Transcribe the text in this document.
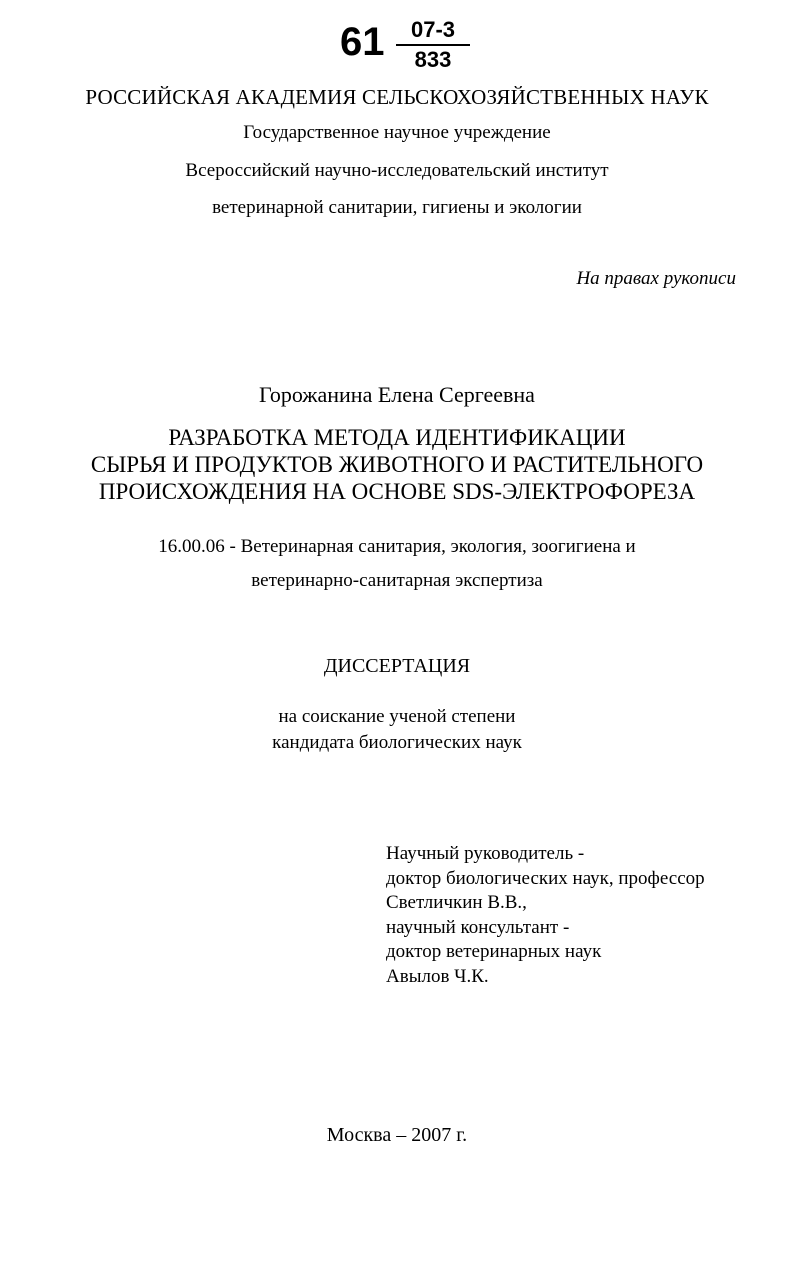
61	07-3
833
РОССИЙСКАЯ АКАДЕМИЯ СЕЛЬСКОХОЗЯЙСТВЕННЫХ НАУК
Государственное научное учреждение
Всероссийский научно-исследовательский институт
ветеринарной санитарии, гигиены и экологии
На правах рукописи
Горожанина Елена Сергеевна
РАЗРАБОТКА МЕТОДА ИДЕНТИФИКАЦИИ
СЫРЬЯ И ПРОДУКТОВ ЖИВОТНОГО И РАСТИТЕЛЬНОГО
ПРОИСХОЖДЕНИЯ НА ОСНОВЕ SDS-ЭЛЕКТРОФОРЕЗА
16.00.06 - Ветеринарная санитария, экология, зоогигиена и
ветеринарно-санитарная экспертиза
ДИССЕРТАЦИЯ
на соискание ученой степени
кандидата биологических наук
Научный руководитель -
доктор биологических наук, профессор
Светличкин В.В.,
научный консультант -
доктор ветеринарных наук
Авылов Ч.К.
Москва – 2007 г.
